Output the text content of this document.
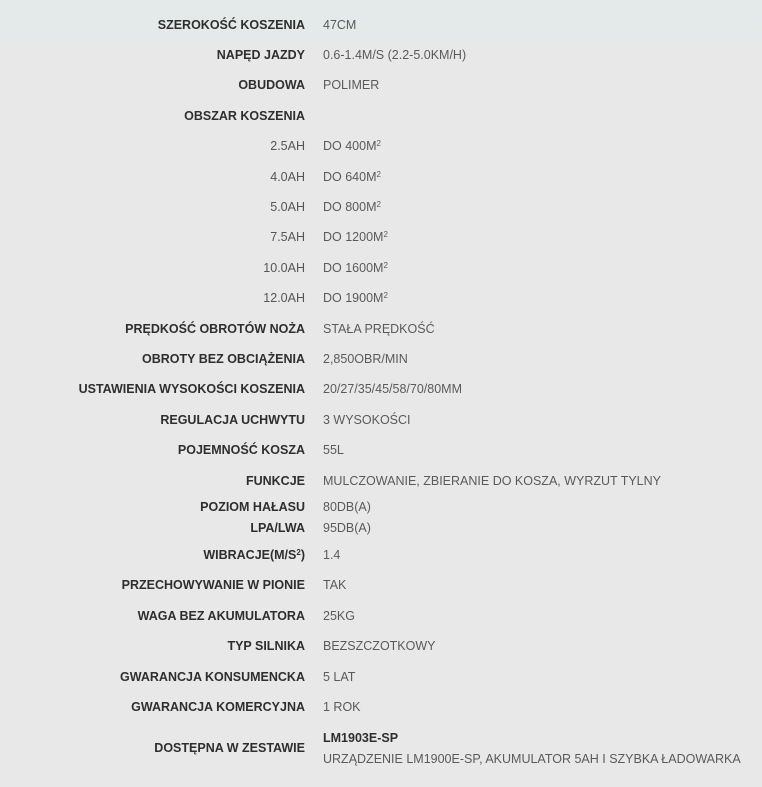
SZEROKOŚĆ KOSZENIA 47CM
NAPĘD JAZDY 0.6-1.4M/S (2.2-5.0KM/H)
OBUDOWA POLIMER
OBSZAR KOSZENIA
2.5AH DO $400M^2$
4.0AH DO $640M^2$
5.0AH DO $800M^2$
7.5AH DO $1200M^2$
10.0AH DO $1600M^2$
12.0AH DO $1900M^2$
PRĘDKOŚĆ OBROTÓW NOŻA STAŁA PRĘDKOŚĆ
OBROTY BEZ OBCIĄŻENIA 2,850OBR/MIN
USTAWIENIA WYSOKOŚCI KOSZENIA 20/27/35/45/58/70/80MM
REGULACJA UCHWYTU 3 WYSOKOŚCI
POJEMNOŚĆ KOSZA 55L
FUNKCJE MULCZOWANIE, ZBIERANIE DO KOSZA, WYRZUT TYLNY
POZIOM HAŁASU
LPA/LWA
80DB(A)
95DB(A)
$WIBRACJE(M/S^2)$ 1.4
PRZECHOWYWANIE W PIONIE TAK
WAGA BEZ AKUMULATORA 25KG
TYP SILNIKA BEZSZCZOTKOWY
GWARANCJA KONSUMENCKA 5 LAT
GWARANCJA KOMERCYJNA 1 ROK
DOSTĘPNA W ZESTAWIE
LM1903E-SP
URZĄDZENIE LM1900E-SP, AKUMULATOR 5AH I SZYBKA ŁADOWARKA
